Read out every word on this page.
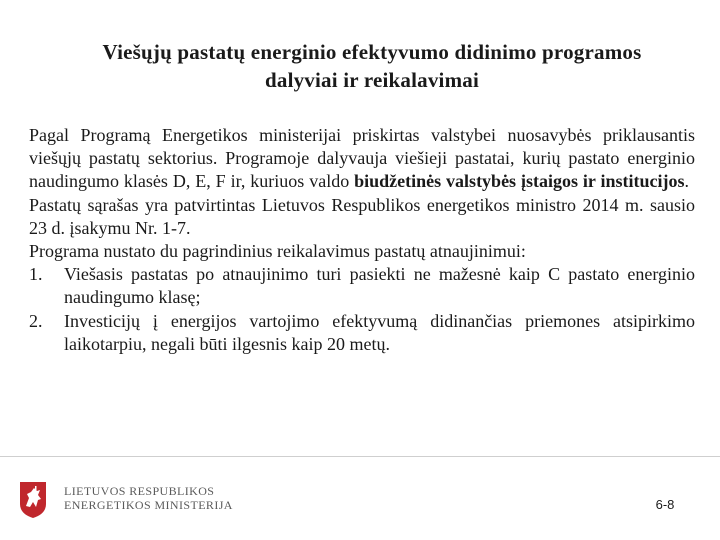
Viešųjų pastatų energinio efektyvumo didinimo programos
dalyviai ir reikalavimai

Pagal Programą Energetikos ministerijai priskirtas valstybei nuosavybės priklausantis viešųjų pastatų sektorius. Programoje dalyvauja viešieji pastatai, kurių pastato energinio naudingumo klasės D, E, F ir, kuriuos valdo biudžetinės valstybės įstaigos ir institucijos. Pastatų sąrašas yra patvirtintas Lietuvos Respublikos energetikos ministro 2014 m. sausio 23 d. įsakymu Nr. 1-7.

Programa nustato du pagrindinius reikalavimus pastatų atnaujinimui:

1. Viešasis pastatas po atnaujinimo turi pasiekti ne mažesnė kaip C pastato energinio naudingumo klasę;
2. Investicijų į energijos vartojimo efektyvumą didinančias priemones atsipirkimo laikotarpiu, negali būti ilgesnis kaip 20 metų.
LIETUVOS RESPUBLIKOS
ENERGETIKOS MINISTERIJA	6-8
